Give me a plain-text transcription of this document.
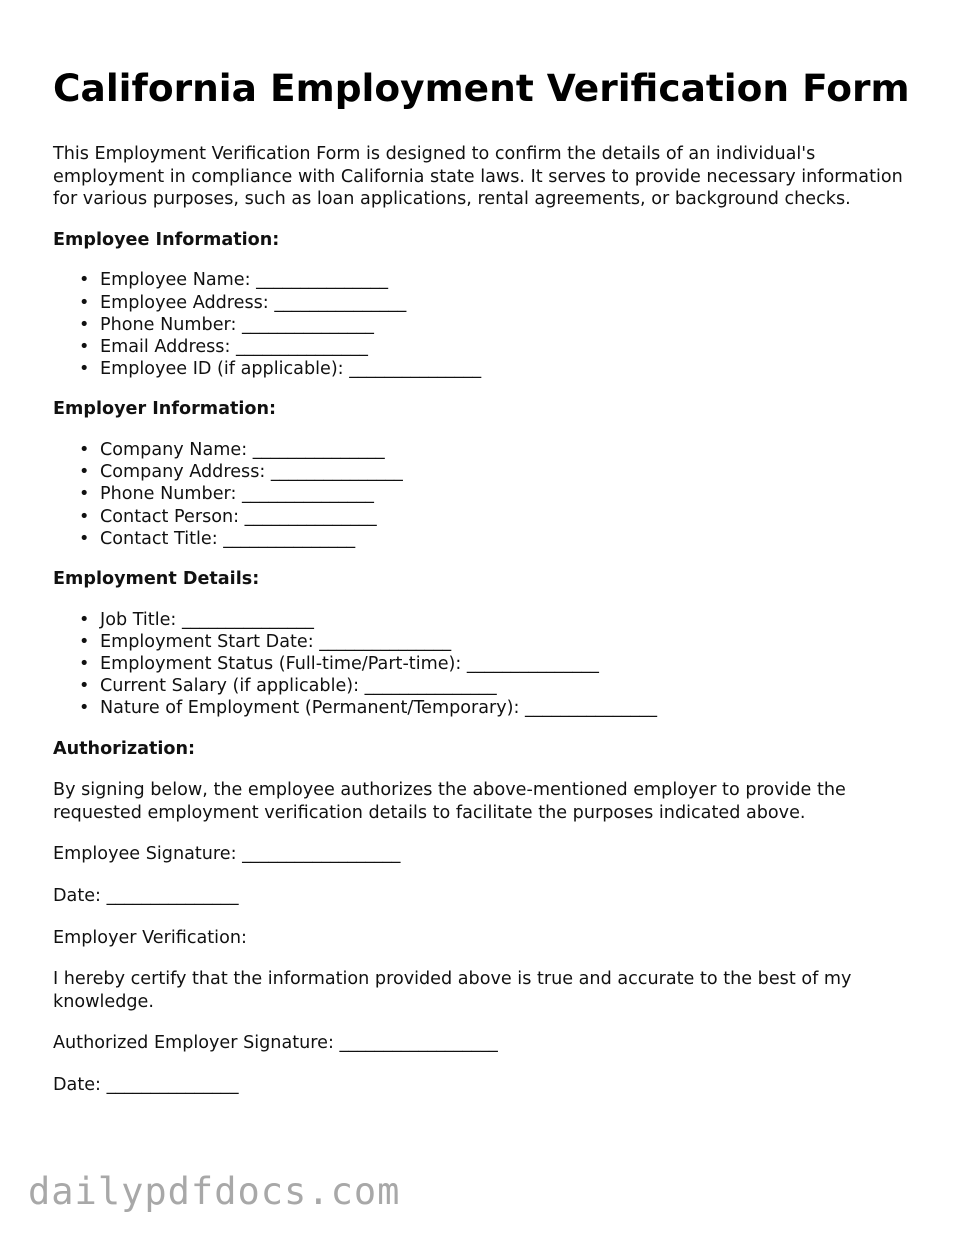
California Employment Verification Form

This Employment Verification Form is designed to confirm the details of an individual's employment in compliance with California state laws. It serves to provide necessary information for various purposes, such as loan applications, rental agreements, or background checks.

Employee Information:

• Employee Name: _______________
• Employee Address: _______________
• Phone Number: _______________
• Email Address: _______________
• Employee ID (if applicable): _______________

Employer Information:

• Company Name: _______________
• Company Address: _______________
• Phone Number: _______________
• Contact Person: _______________
• Contact Title: _______________

Employment Details:

• Job Title: _______________
• Employment Start Date: _______________
• Employment Status (Full-time/Part-time): _______________
• Current Salary (if applicable): _______________
• Nature of Employment (Permanent/Temporary): _______________

Authorization:

By signing below, the employee authorizes the above-mentioned employer to provide the requested employment verification details to facilitate the purposes indicated above.

Employee Signature: __________________

Date: _______________

Employer Verification:

I hereby certify that the information provided above is true and accurate to the best of my knowledge.

Authorized Employer Signature: __________________

Date: _______________

dailypdfdocs.com
